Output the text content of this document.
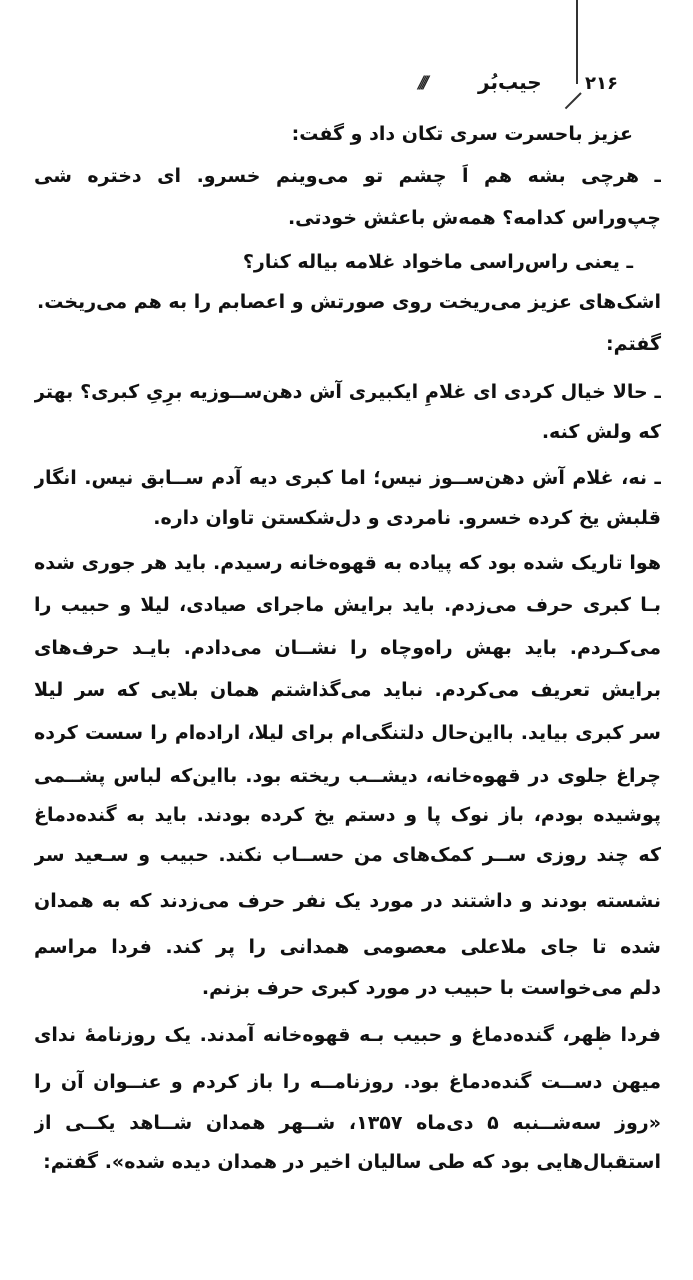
۲۱۶
جیب‌بُر
////
عزیز باحسرت سری تکان داد و گفت:
ـ هرچی بشه هم اَ چشم تو می‌وینم خسرو. ای دختره شی
چپ‌وراس کدامه؟ همه‌ش باعثش خودتی.
ـ یعنی راس‌راسی ماخواد غلامه بیاله کنار؟
اشک‌های عزیز می‌ریخت روی صورتش و اعصابم را به هم می‌ریخت.
گفتم:
ـ حالا خیال کردی ای غلامِ ایکبیری آش دهن‌ســوزیه برِیِ کبری؟ بهتر
که ولش کنه.
ـ نه، غلام آش دهن‌ســوز نیس؛ اما کبری دیه آدم ســابق نیس. انگار
قلبش یخ کرده خسرو. نامردی و دل‌شکستن تاوان داره.
هوا تاریک شده بود که پیاده به قهوه‌خانه رسیدم. باید هر جوری شده
بـا کبری حرف می‌زدم. باید برایش ماجرای صیادی، لیلا و حبیب را
می‌کـردم. باید بهش راه‌وچاه را نشــان می‌دادم. بایـد حرف‌های
برایش تعریف می‌کردم. نباید می‌گذاشتم همان بلایی که سر لیلا
سر کبری بیاید. بااین‌حال دلتنگی‌ام برای لیلا، اراده‌ام را سست کرده
چراغ جلوی در قهوه‌خانه، دیشــب ریخته بود. بااین‌که لباس پشــمی
پوشیده بودم، باز نوک پا و دستم یخ کرده بودند. باید به گنده‌دماغ
که چند روزی ســر کمک‌های من حســاب نکند. حبیب و سـعید سر
نشسته بودند و داشتند در مورد یک نفر حرف می‌زدند که به همدان
شده تا جای ملاعلی معصومی همدانی را پر کند. فردا مراسم
دلم می‌خواست با حبیب در مورد کبری حرف بزنم.
فردا ظهر، گنده‌دماغ و حبیب بـه قهوه‌خانه آمدند. یک روزنامهٔ ندای
میهن دســت گنده‌دماغ بود. روزنامــه را باز کردم و عنــوان آن را
«روز سه‌شــنبه ۵ دی‌ماه ۱۳۵۷، شــهر همدان شــاهد یکــی از
استقبال‌هایی بود که طی سالیان اخیر در همدان دیده شده». گفتم:
